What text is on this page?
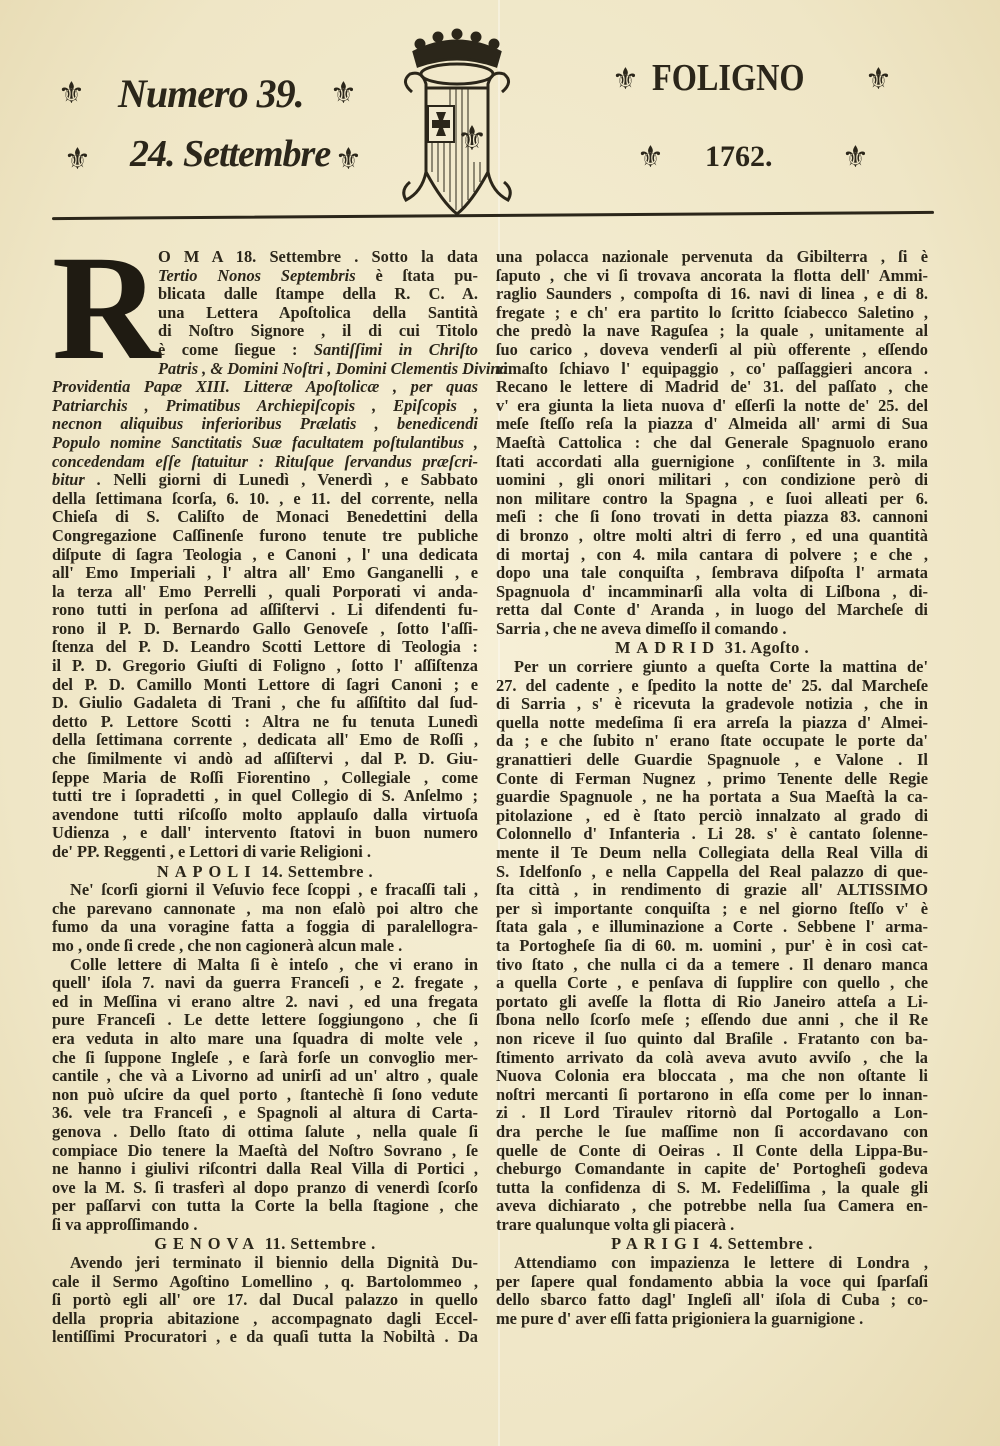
⚜ Numero 39. ⚜
⚜ 24. Settembre ⚜
⚜
⚜ FOLIGNO ⚜
⚜ 1762. ⚜
R
O M A 18. Settembre . Sotto la data
Tertio Nonos Septembris è ſtata pu-
blicata dalle ſtampe della R. C. A.
una Lettera Apoſtolica della Santità
di Noſtro Signore , il di cui Titolo
è come ſiegue : Santiſſimi in Chriſto
Patris , & Domini Noſtri , Domini Clementis Divina
Providentia Papæ XIII. Litteræ Apoſtolicæ , per quas
Patriarchis , Primatibus Archiepiſcopis , Epiſcopis ,
necnon aliquibus inferioribus Prælatis , benedicendi
Populo nomine Sanctitatis Suæ facultatem poſtulantibus ,
concedendam eſſe ſtatuitur : Rituſque ſervandus præſcri-
bitur . Nelli giorni di Lunedì , Venerdì , e Sabbato
della ſettimana ſcorſa, 6. 10. , e 11. del corrente, nella
Chieſa di S. Caliſto de Monaci Benedettini della
Congregazione Caſſinenſe furono tenute tre publiche
diſpute di ſagra Teologia , e Canoni , l' una dedicata
all' Emo Imperiali , l' altra all' Emo Ganganelli , e
la terza all' Emo Perrelli , quali Porporati vi anda-
rono tutti in perſona ad aſſiſtervi . Li difendenti fu-
rono il P. D. Bernardo Gallo Genoveſe , ſotto l'aſſi-
ſtenza del P. D. Leandro Scotti Lettore di Teologia :
il P. D. Gregorio Giuſti di Foligno , ſotto l' aſſiſtenza
del P. D. Camillo Monti Lettore di ſagri Canoni ; e
D. Giulio Gadaleta di Trani , che fu aſſiſtito dal ſud-
detto P. Lettore Scotti : Altra ne fu tenuta Lunedì
della ſettimana corrente , dedicata all' Emo de Roſſi ,
che ſimilmente vi andò ad aſſiſtervi , dal P. D. Giu-
ſeppe Maria de Roſſi Fiorentino , Collegiale , come
tutti tre i ſopradetti , in quel Collegio di S. Anſelmo ;
avendone tutti riſcoſſo molto applauſo dalla virtuoſa
Udienza , e dall' intervento ſtatovi in buon numero
de' PP. Reggenti , e Lettori di varie Religioni .
NAPOLI 14. Settembre .
Ne' ſcorſi giorni il Veſuvio fece ſcoppi , e fracaſſi tali ,
che parevano cannonate , ma non eſalò poi altro che
fumo da una voragine fatta a foggia di paralellogra-
mo , onde ſi crede , che non cagionerà alcun male .
Colle lettere di Malta ſi è inteſo , che vi erano in
quell' iſola 7. navi da guerra Franceſi , e 2. fregate ,
ed in Meſſina vi erano altre 2. navi , ed una fregata
pure Franceſi . Le dette lettere ſoggiungono , che ſi
era veduta in alto mare una ſquadra di molte vele ,
che ſi ſuppone Ingleſe , e ſarà forſe un convoglio mer-
cantile , che và a Livorno ad unirſi ad un' altro , quale
non può uſcire da quel porto , ſtantechè ſi ſono vedute
36. vele tra Franceſi , e Spagnoli al altura di Carta-
genova . Dello ſtato di ottima ſalute , nella quale ſi
compiace Dio tenere la Maeſtà del Noſtro Sovrano , ſe
ne hanno i giulivi riſcontri dalla Real Villa di Portici ,
ove la M. S. ſi trasferì al dopo pranzo di venerdì ſcorſo
per paſſarvi con tutta la Corte la bella ſtagione , che
ſi va approſſimando .
GENOVA 11. Settembre .
Avendo jeri terminato il biennio della Dignità Du-
cale il Sermo Agoſtino Lomellino , q. Bartolommeo ,
ſi portò egli all' ore 17. dal Ducal palazzo in quello
della propria abitazione , accompagnato dagli Eccel-
lentiſſimi Procuratori , e da quaſi tutta la Nobiltà . Da
una polacca nazionale pervenuta da Gibilterra , ſi è
ſaputo , che vi ſi trovava ancorata la flotta dell' Ammi-
raglio Saunders , compoſta di 16. navi di linea , e di 8.
fregate ; e ch' era partito lo ſcritto ſciabecco Saletino ,
che predò la nave Raguſea ; la quale , unitamente al
ſuo carico , doveva venderſi al più offerente , eſſendo
rimaſto ſchiavo l' equipaggio , co' paſſaggieri ancora .
Recano le lettere di Madrid de' 31. del paſſato , che
v' era giunta la lieta nuova d' eſſerſi la notte de' 25. del
meſe ſteſſo reſa la piazza d' Almeida all' armi di Sua
Maeſtà Cattolica : che dal Generale Spagnuolo erano
ſtati accordati alla guernigione , conſiſtente in 3. mila
uomini , gli onori militari , con condizione però di
non militare contro la Spagna , e ſuoi alleati per 6.
meſi : che ſi ſono trovati in detta piazza 83. cannoni
di bronzo , oltre molti altri di ferro , ed una quantità
di mortaj , con 4. mila cantara di polvere ; e che ,
dopo una tale conquiſta , ſembrava diſpoſta l' armata
Spagnuola d' incamminarſi alla volta di Liſbona , di-
retta dal Conte d' Aranda , in luogo del Marcheſe di
Sarria , che ne aveva dimeſſo il comando .
MADRID 31. Agoſto .
Per un corriere giunto a queſta Corte la mattina de'
27. del cadente , e ſpedito la notte de' 25. dal Marcheſe
di Sarria , s' è ricevuta la gradevole notizia , che in
quella notte medeſima ſi era arreſa la piazza d' Almei-
da ; e che ſubito n' erano ſtate occupate le porte da'
granattieri delle Guardie Spagnuole , e Valone . Il
Conte di Ferman Nugnez , primo Tenente delle Regie
guardie Spagnuole , ne ha portata a Sua Maeſtà la ca-
pitolazione , ed è ſtato perciò innalzato al grado di
Colonnello d' Infanteria . Li 28. s' è cantato ſolenne-
mente il Te Deum nella Collegiata della Real Villa di
S. Idelfonſo , e nella Cappella del Real palazzo di que-
ſta città , in rendimento di grazie all' ALTISSIMO
per sì importante conquiſta ; e nel giorno ſteſſo v' è
ſtata gala , e illuminazione a Corte . Sebbene l' arma-
ta Portogheſe ſia di 60. m. uomini , pur' è in così cat-
tivo ſtato , che nulla ci da a temere . Il denaro manca
a quella Corte , e penſava di ſupplire con quello , che
portato gli aveſſe la flotta di Rio Janeiro atteſa a Li-
ſbona nello ſcorſo meſe ; eſſendo due anni , che il Re
non riceve il ſuo quinto dal Braſile . Fratanto con ba-
ſtimento arrivato da colà aveva avuto avviſo , che la
Nuova Colonia era bloccata , ma che non oſtante li
noſtri mercanti ſi portarono in eſſa come per lo innan-
zi . Il Lord Tiraulev ritornò dal Portogallo a Lon-
dra perche le ſue maſſime non ſi accordavano con
quelle de Conte di Oeiras . Il Conte della Lippa-Bu-
cheburgo Comandante in capite de' Portogheſi godeva
tutta la confidenza di S. M. Fedeliſſima , la quale gli
aveva dichiarato , che potrebbe nella ſua Camera en-
trare qualunque volta gli piacerà .
PARIGI 4. Settembre .
Attendiamo con impazienza le lettere di Londra ,
per ſapere qual fondamento abbia la voce qui ſparſaſi
dello sbarco fatto dagl' Ingleſi all' iſola di Cuba ; co-
me pure d' aver eſſi fatta prigioniera la guarnigione .
